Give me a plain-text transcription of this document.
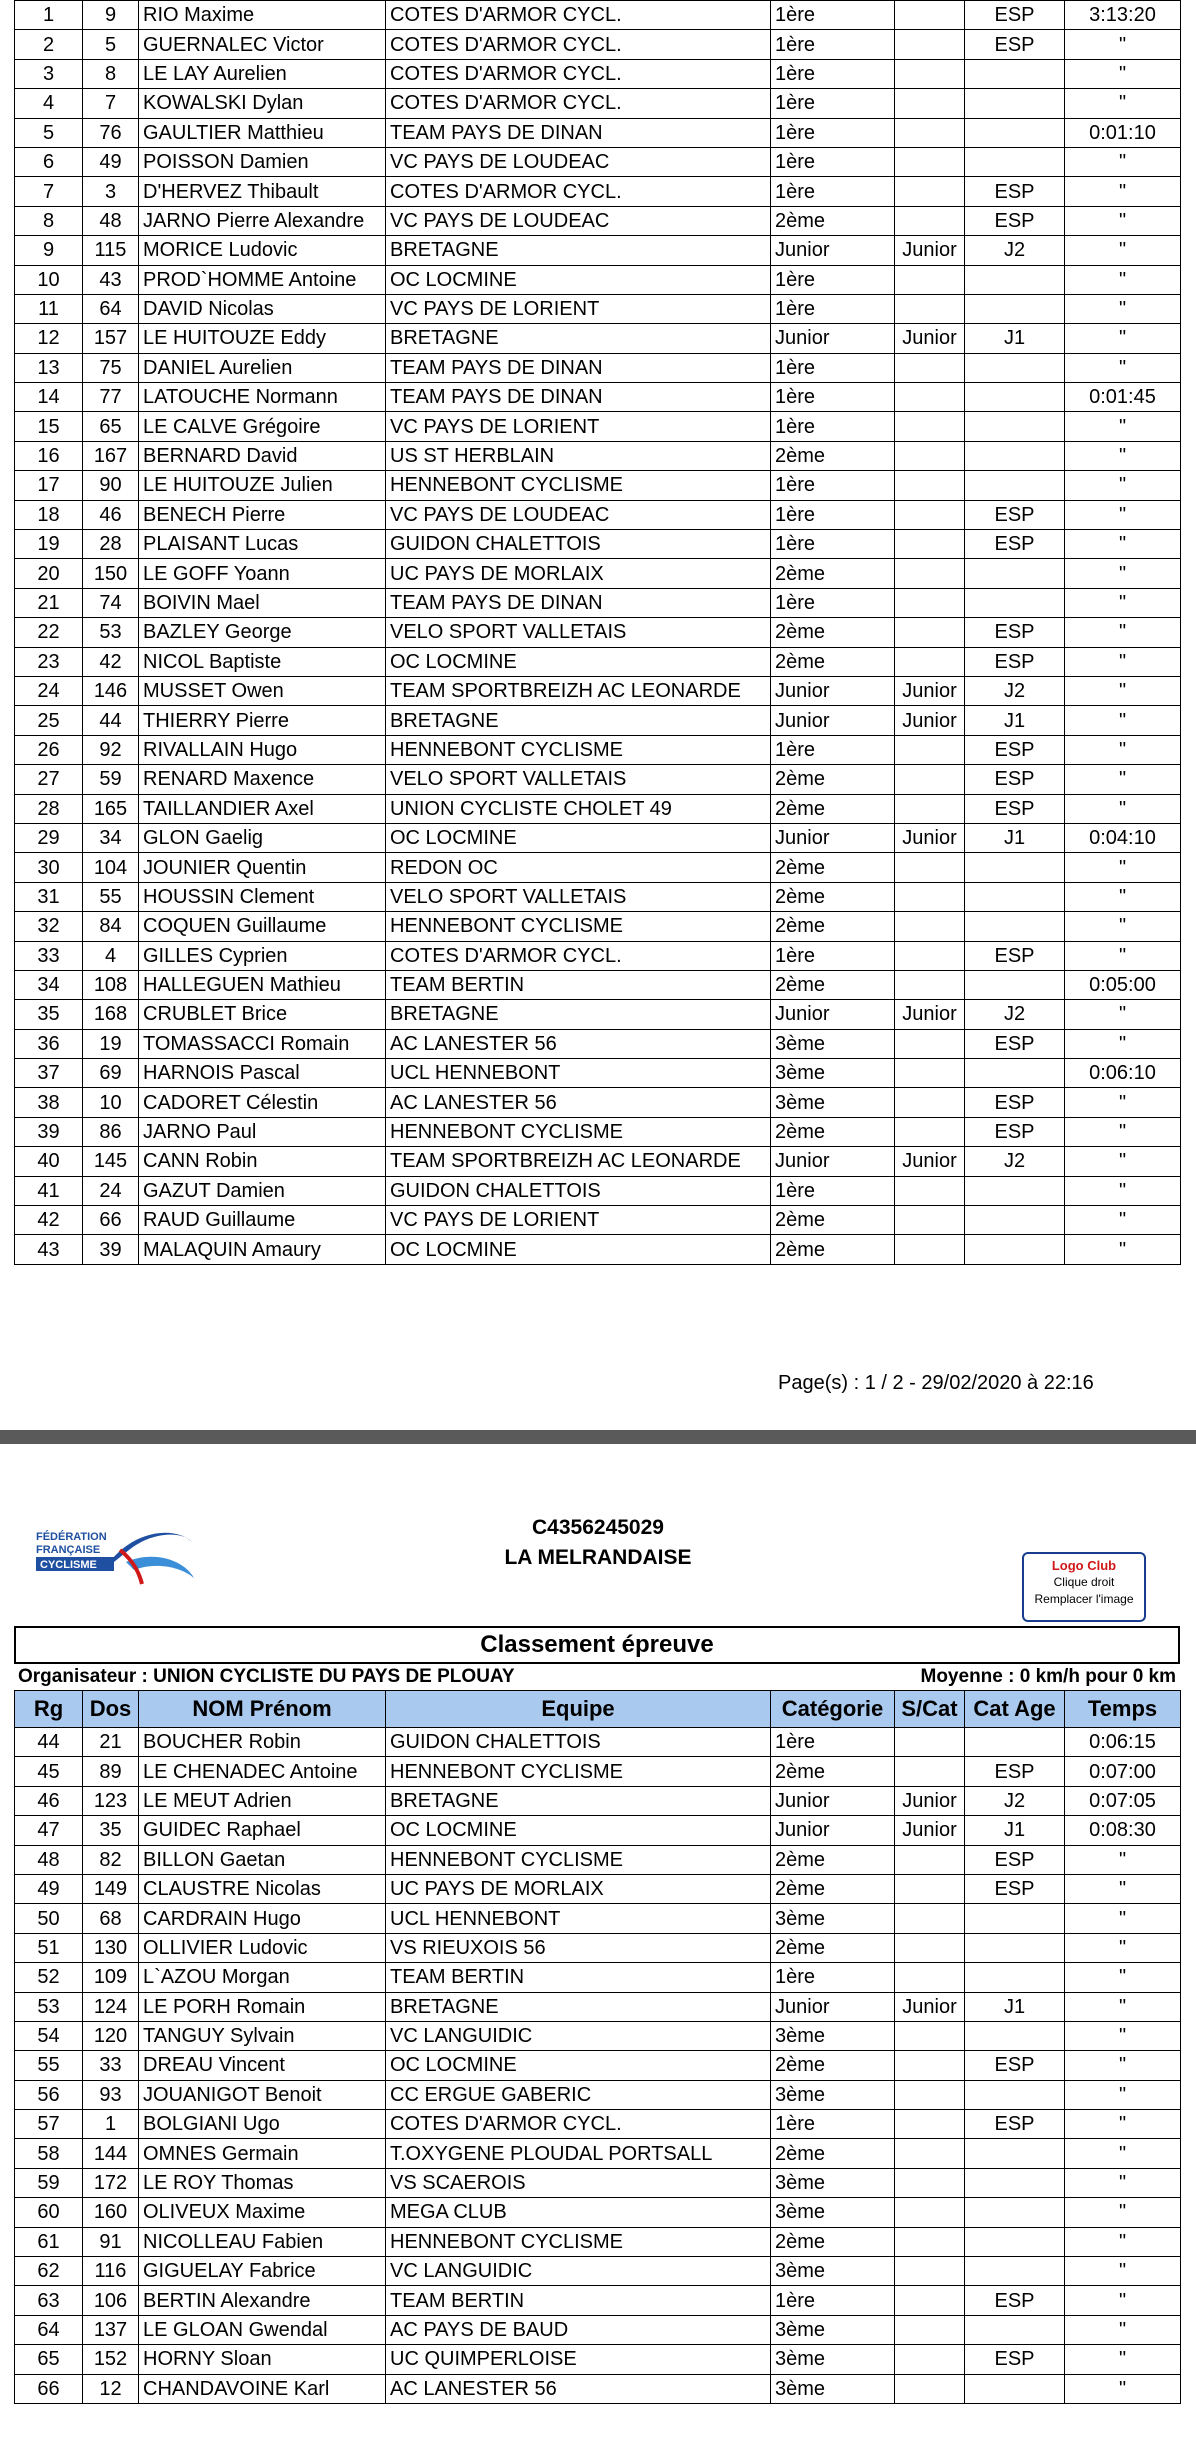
1	9	RIO Maxime	COTES D'ARMOR CYCL.	1ère		ESP	3:13:20
2	5	GUERNALEC Victor	COTES D'ARMOR CYCL.	1ère		ESP	"
3	8	LE LAY Aurelien	COTES D'ARMOR CYCL.	1ère			"
4	7	KOWALSKI Dylan	COTES D'ARMOR CYCL.	1ère			"
5	76	GAULTIER Matthieu	TEAM PAYS DE DINAN	1ère			0:01:10
6	49	POISSON Damien	VC PAYS DE LOUDEAC	1ère			"
7	3	D'HERVEZ Thibault	COTES D'ARMOR CYCL.	1ère		ESP	"
8	48	JARNO Pierre Alexandre	VC PAYS DE LOUDEAC	2ème		ESP	"
9	115	MORICE Ludovic	BRETAGNE	Junior	Junior	J2	"
10	43	PROD`HOMME Antoine	OC LOCMINE	1ère			"
11	64	DAVID Nicolas	VC PAYS DE LORIENT	1ère			"
12	157	LE HUITOUZE Eddy	BRETAGNE	Junior	Junior	J1	"
13	75	DANIEL Aurelien	TEAM PAYS DE DINAN	1ère			"
14	77	LATOUCHE Normann	TEAM PAYS DE DINAN	1ère			0:01:45
15	65	LE CALVE Grégoire	VC PAYS DE LORIENT	1ère			"
16	167	BERNARD David	US ST HERBLAIN	2ème			"
17	90	LE HUITOUZE Julien	HENNEBONT CYCLISME	1ère			"
18	46	BENECH Pierre	VC PAYS DE LOUDEAC	1ère		ESP	"
19	28	PLAISANT Lucas	GUIDON CHALETTOIS	1ère		ESP	"
20	150	LE GOFF Yoann	UC PAYS DE MORLAIX	2ème			"
21	74	BOIVIN Mael	TEAM PAYS DE DINAN	1ère			"
22	53	BAZLEY George	VELO SPORT VALLETAIS	2ème		ESP	"
23	42	NICOL Baptiste	OC LOCMINE	2ème		ESP	"
24	146	MUSSET Owen	TEAM SPORTBREIZH AC LEONARDE	Junior	Junior	J2	"
25	44	THIERRY Pierre	BRETAGNE	Junior	Junior	J1	"
26	92	RIVALLAIN Hugo	HENNEBONT CYCLISME	1ère		ESP	"
27	59	RENARD Maxence	VELO SPORT VALLETAIS	2ème		ESP	"
28	165	TAILLANDIER Axel	UNION CYCLISTE CHOLET 49	2ème		ESP	"
29	34	GLON Gaelig	OC LOCMINE	Junior	Junior	J1	0:04:10
30	104	JOUNIER Quentin	REDON OC	2ème			"
31	55	HOUSSIN Clement	VELO SPORT VALLETAIS	2ème			"
32	84	COQUEN Guillaume	HENNEBONT CYCLISME	2ème			"
33	4	GILLES Cyprien	COTES D'ARMOR CYCL.	1ère		ESP	"
34	108	HALLEGUEN Mathieu	TEAM BERTIN	2ème			0:05:00
35	168	CRUBLET Brice	BRETAGNE	Junior	Junior	J2	"
36	19	TOMASSACCI Romain	AC LANESTER 56	3ème		ESP	"
37	69	HARNOIS Pascal	UCL HENNEBONT	3ème			0:06:10
38	10	CADORET Célestin	AC LANESTER 56	3ème		ESP	"
39	86	JARNO Paul	HENNEBONT CYCLISME	2ème		ESP	"
40	145	CANN Robin	TEAM SPORTBREIZH AC LEONARDE	Junior	Junior	J2	"
41	24	GAZUT Damien	GUIDON CHALETTOIS	1ère			"
42	66	RAUD Guillaume	VC PAYS DE LORIENT	2ème			"
43	39	MALAQUIN Amaury	OC LOCMINE	2ème			"
Page(s) : 1 / 2 - 29/02/2020 à 22:16
FÉDÉRATION
FRANÇAISE
CYCLISME
C4356245029
LA MELRANDAISE	Logo Club
Clique droit
Remplacer l'image
Classement épreuve
Organisateur : UNION CYCLISTE DU PAYS DE PLOUAY	Moyenne : 0 km/h pour 0 km
Rg	Dos	NOM Prénom	Equipe	Catégorie	S/Cat	Cat Age	Temps
44	21	BOUCHER Robin	GUIDON CHALETTOIS	1ère			0:06:15
45	89	LE CHENADEC Antoine	HENNEBONT CYCLISME	2ème		ESP	0:07:00
46	123	LE MEUT Adrien	BRETAGNE	Junior	Junior	J2	0:07:05
47	35	GUIDEC Raphael	OC LOCMINE	Junior	Junior	J1	0:08:30
48	82	BILLON Gaetan	HENNEBONT CYCLISME	2ème		ESP	"
49	149	CLAUSTRE Nicolas	UC PAYS DE MORLAIX	2ème		ESP	"
50	68	CARDRAIN Hugo	UCL HENNEBONT	3ème			"
51	130	OLLIVIER Ludovic	VS RIEUXOIS 56	2ème			"
52	109	L`AZOU Morgan	TEAM BERTIN	1ère			"
53	124	LE PORH Romain	BRETAGNE	Junior	Junior	J1	"
54	120	TANGUY Sylvain	VC LANGUIDIC	3ème			"
55	33	DREAU Vincent	OC LOCMINE	2ème		ESP	"
56	93	JOUANIGOT Benoit	CC ERGUE GABERIC	3ème			"
57	1	BOLGIANI Ugo	COTES D'ARMOR CYCL.	1ère		ESP	"
58	144	OMNES Germain	T.OXYGENE PLOUDAL PORTSALL	2ème			"
59	172	LE ROY Thomas	VS SCAEROIS	3ème			"
60	160	OLIVEUX Maxime	MEGA CLUB	3ème			"
61	91	NICOLLEAU Fabien	HENNEBONT CYCLISME	2ème			"
62	116	GIGUELAY Fabrice	VC LANGUIDIC	3ème			"
63	106	BERTIN Alexandre	TEAM BERTIN	1ère		ESP	"
64	137	LE GLOAN Gwendal	AC PAYS DE BAUD	3ème			"
65	152	HORNY Sloan	UC QUIMPERLOISE	3ème		ESP	"
66	12	CHANDAVOINE Karl	AC LANESTER 56	3ème			"
